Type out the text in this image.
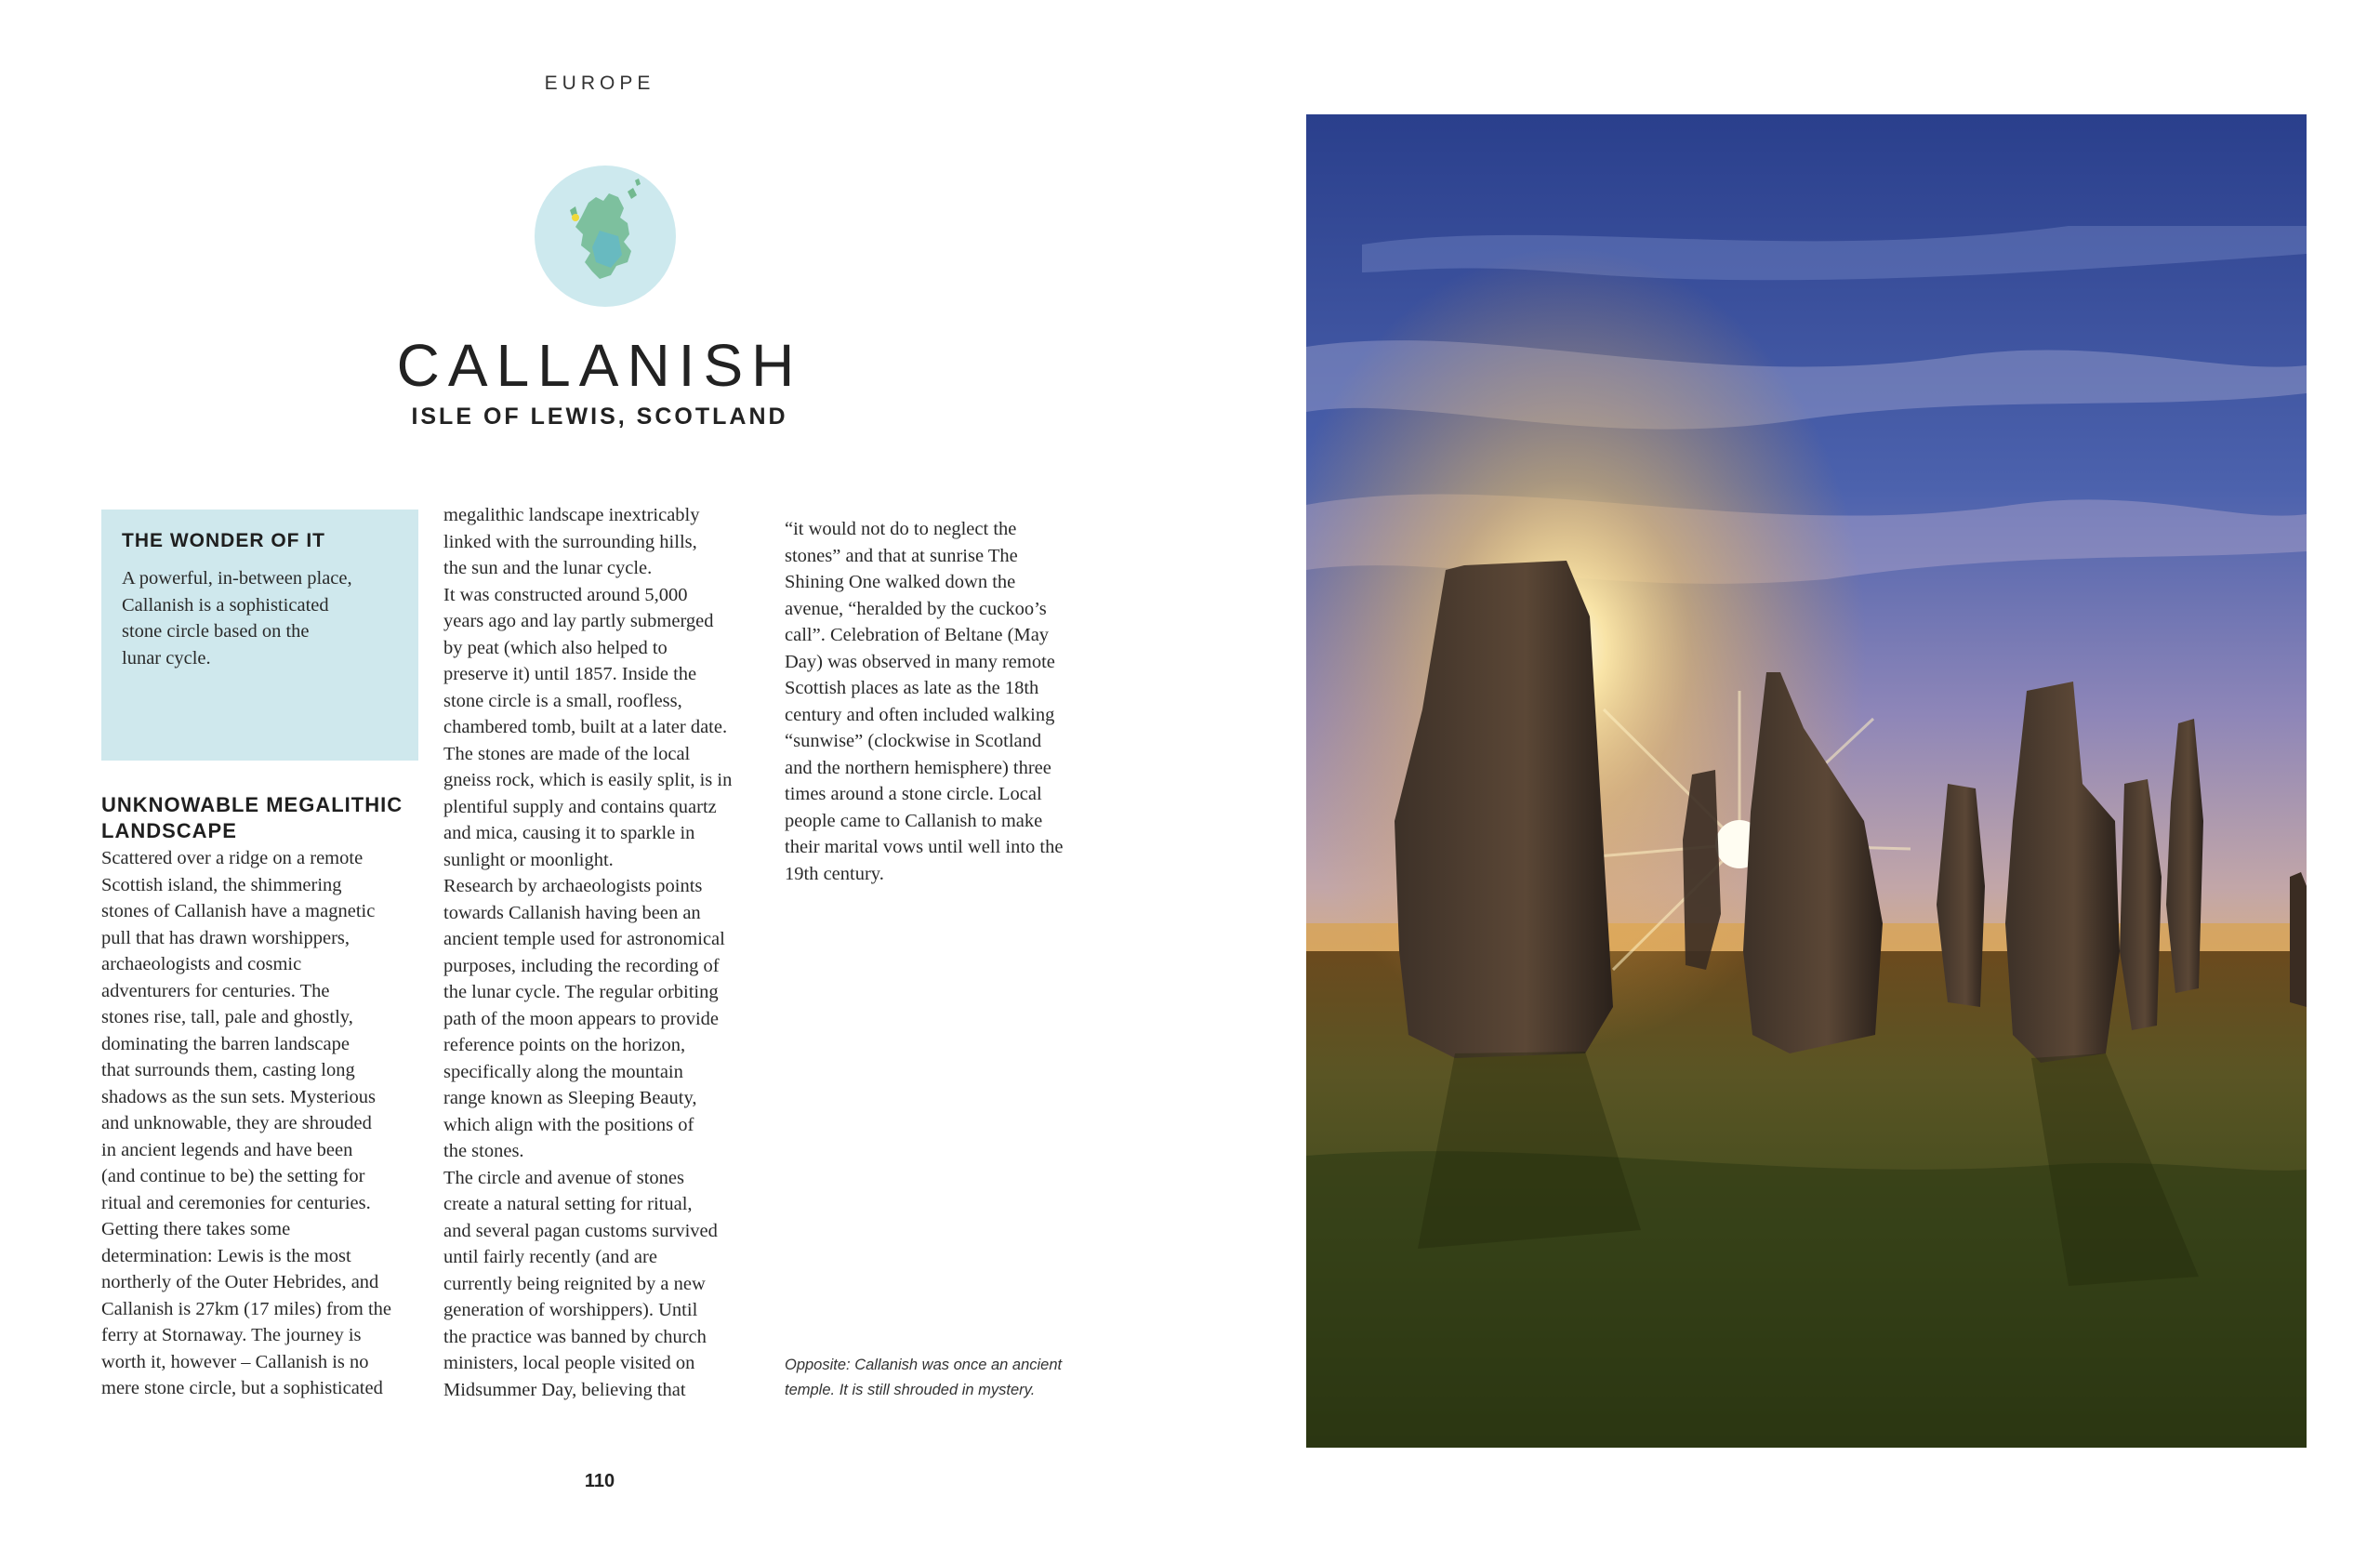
EUROPE
CALLANISH
ISLE OF LEWIS, SCOTLAND
THE WONDER OF IT
A powerful, in-between place,
Callanish is a sophisticated
stone circle based on the
lunar cycle.
UNKNOWABLE MEGALITHIC
LANDSCAPE
Scattered over a ridge on a remote
Scottish island, the shimmering
stones of Callanish have a magnetic
pull that has drawn worshippers,
archaeologists and cosmic
adventurers for centuries. The
stones rise, tall, pale and ghostly,
dominating the barren landscape
that surrounds them, casting long
shadows as the sun sets. Mysterious
and unknowable, they are shrouded
in ancient legends and have been
(and continue to be) the setting for
ritual and ceremonies for centuries.
Getting there takes some
determination: Lewis is the most
northerly of the Outer Hebrides, and
Callanish is 27km (17 miles) from the
ferry at Stornaway. The journey is
worth it, however – Callanish is no
mere stone circle, but a sophisticated
megalithic landscape inextricably
linked with the surrounding hills,
the sun and the lunar cycle.
It was constructed around 5,000
years ago and lay partly submerged
by peat (which also helped to
preserve it) until 1857. Inside the
stone circle is a small, roofless,
chambered tomb, built at a later date.
The stones are made of the local
gneiss rock, which is easily split, is in
plentiful supply and contains quartz
and mica, causing it to sparkle in
sunlight or moonlight.
Research by archaeologists points
towards Callanish having been an
ancient temple used for astronomical
purposes, including the recording of
the lunar cycle. The regular orbiting
path of the moon appears to provide
reference points on the horizon,
specifically along the mountain
range known as Sleeping Beauty,
which align with the positions of
the stones.
The circle and avenue of stones
create a natural setting for ritual,
and several pagan customs survived
until fairly recently (and are
currently being reignited by a new
generation of worshippers). Until
the practice was banned by church
ministers, local people visited on
Midsummer Day, believing that
“it would not do to neglect the
stones” and that at sunrise The
Shining One walked down the
avenue, “heralded by the cuckoo’s
call”. Celebration of Beltane (May
Day) was observed in many remote
Scottish places as late as the 18th
century and often included walking
“sunwise” (clockwise in Scotland
and the northern hemisphere) three
times around a stone circle. Local
people came to Callanish to make
their marital vows until well into the
19th century.
Opposite: Callanish was once an ancient
temple. It is still shrouded in mystery.
110
